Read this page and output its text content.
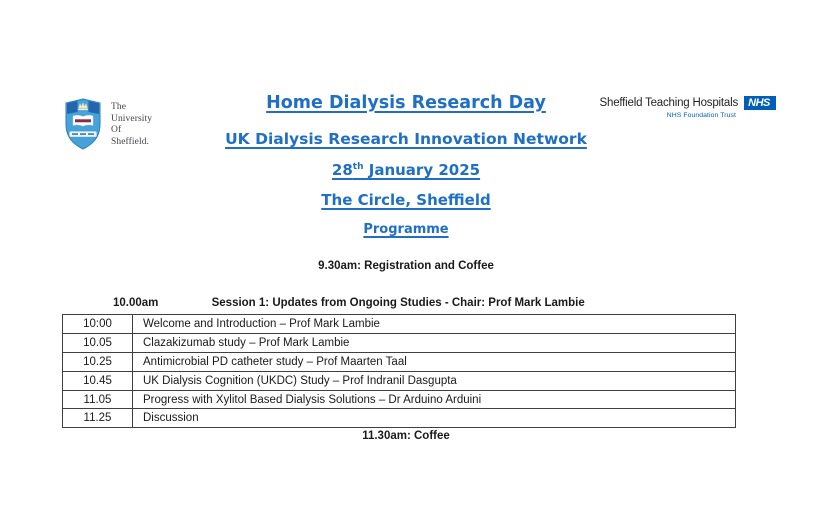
The
University
Of
Sheffield.
Sheffield Teaching Hospitals NHS
NHS Foundation Trust
Home Dialysis Research Day
UK Dialysis Research Innovation Network
28th January 2025
The Circle, Sheffield
Programme
9.30am: Registration and Coffee
10.00am	Session 1: Updates from Ongoing Studies - Chair: Prof Mark Lambie
10:00	Welcome and Introduction – Prof Mark Lambie
10.05	Clazakizumab study – Prof Mark Lambie
10.25	Antimicrobial PD catheter study – Prof Maarten Taal
10.45	UK Dialysis Cognition (UKDC) Study – Prof Indranil Dasgupta
11.05	Progress with Xylitol Based Dialysis Solutions – Dr Arduino Arduini
11.25	Discussion
11.30am: Coffee
